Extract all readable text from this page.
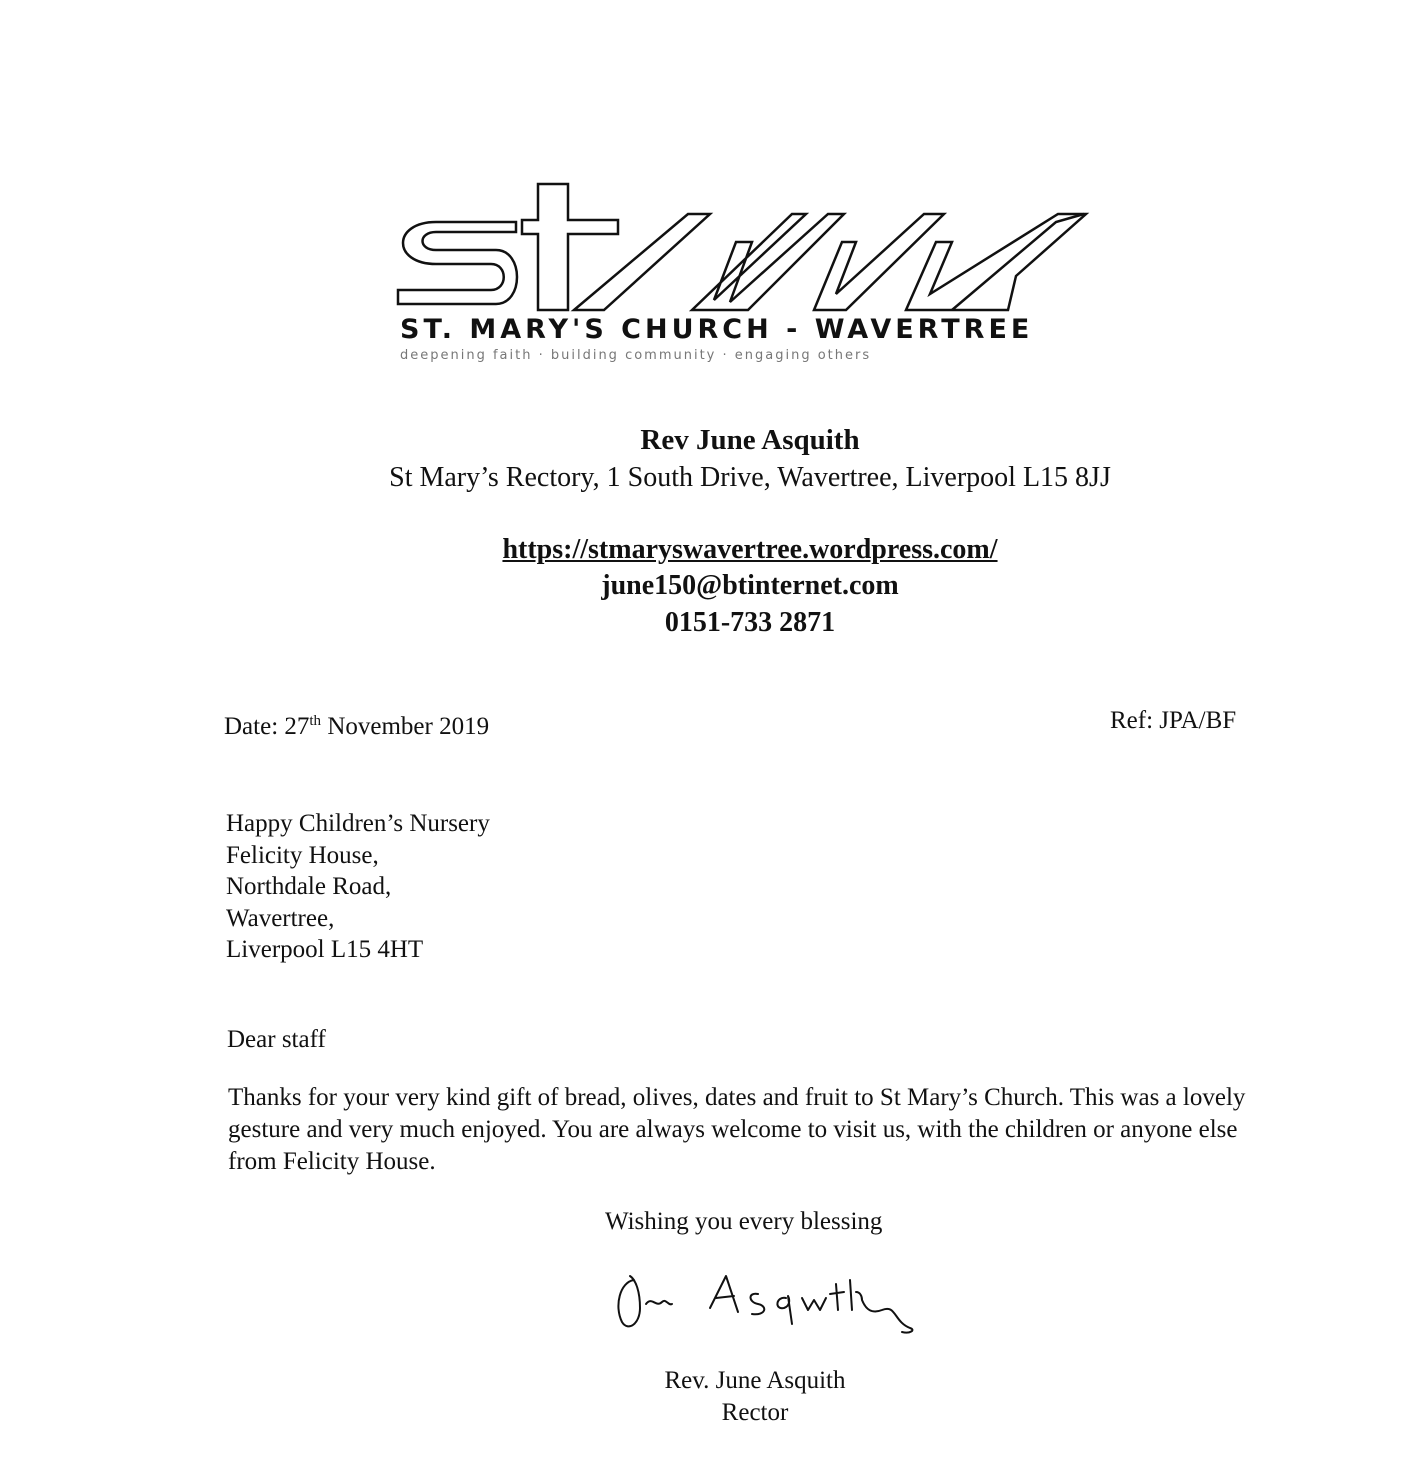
ST. MARY'S CHURCH - WAVERTREE
deepening faith · building community · engaging others
Rev June Asquith
St Mary’s Rectory, 1 South Drive, Wavertree, Liverpool L15 8JJ
https://stmaryswavertree.wordpress.com/
june150@btinternet.com
0151-733 2871
Date: 27th November 2019	Ref: JPA/BF
Happy Children’s Nursery
Felicity House,
Northdale Road,
Wavertree,
Liverpool L15 4HT
Dear staff

Thanks for your very kind gift of bread, olives, dates and fruit to St Mary’s Church. This was a lovely gesture and very much enjoyed. You are always welcome to visit us, with the children or anyone else from Felicity House.

Wishing you every blessing
Rev. June Asquith
Rector
